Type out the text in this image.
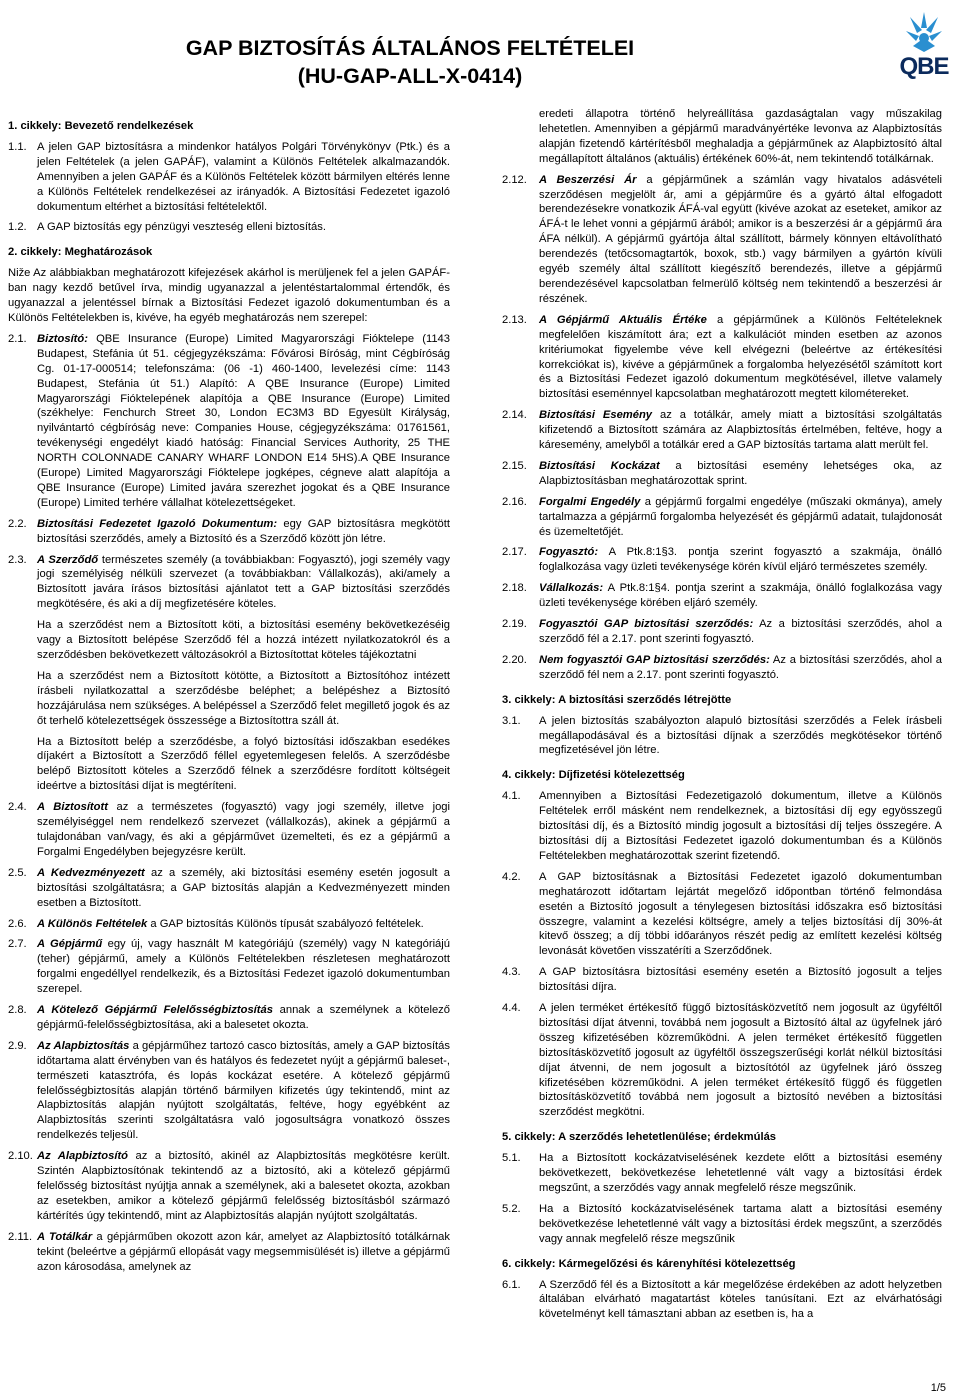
GAP BIZTOSÍTÁS ÁLTALÁNOS FELTÉTELEI
(HU-GAP-ALL-X-0414)	QBE
1. cikkely: Bevezető rendelkezések
1.1. A jelen GAP biztosításra a mindenkor hatályos Polgári Törvénykönyv (Ptk.) és a jelen Feltételek (a jelen GAPÁF), valamint a Különös Feltételek alkalmazandók. Amennyiben a jelen GAPÁF és a Különös Feltételek között bármilyen eltérés lenne a Különös Feltételek rendelkezései az irányadók. A Biztosítási Fedezetet igazoló dokumentum eltérhet a biztosítási feltételektől.
1.2. A GAP biztosítás egy pénzügyi veszteség elleni biztosítás.
2. cikkely: Meghatározások
Niže Az alábbiakban meghatározott kifejezések akárhol is merüljenek fel a jelen GAPÁF-ban nagy kezdő betűvel írva, mindig ugyanazzal a jelentéstartalommal értendők, és ugyanazzal a jelentéssel bírnak a Biztosítási Fedezet igazoló dokumentumban és a Különös Feltételekben is, kivéve, ha egyéb meghatározás nem szerepel:
2.1. Biztosító: QBE Insurance (Europe) Limited Magyarországi Fióktelepe (1143 Budapest, Stefánia út 51. cégjegyzékszáma: Fővárosi Bíróság, mint Cégbíróság Cg. 01-17-000514; telefonszáma: (06 -1) 460-1400, levelezési címe: 1143 Budapest, Stefánia út 51.) Alapító: A QBE Insurance (Europe) Limited Magyarországi Fióktelepének alapítója a QBE Insurance (Europe) Limited (székhelye: Fenchurch Street 30, London EC3M3 BD Egyesült Királyság, nyilvántartó cégbíróság neve: Companies House, cégjegyzékszáma: 01761561, tevékenységi engedélyt kiadó hatóság: Financial Services Authority, 25 THE NORTH COLONNADE CANARY WHARF LONDON E14 5HS).A QBE Insurance (Europe) Limited Magyarországi Fióktelepe jogképes, cégneve alatt alapítója a QBE Insurance (Europe) Limited javára szerezhet jogokat és a QBE Insurance (Europe) Limited terhére vállalhat kötelezettségeket.
2.2. Biztosítási Fedezetet Igazoló Dokumentum: egy GAP biztosításra megkötött biztosítási szerződés, amely a Biztosító és a Szerződő között jön létre.
2.3. A Szerződő természetes személy (a továbbiakban: Fogyasztó), jogi személy vagy jogi személyiség nélküli szervezet (a továbbiakban: Vállalkozás), aki/amely a Biztosított javára írásos biztosítási ajánlatot tett a GAP biztosítási szerződés megkötésére, és aki a díj megfizetésére köteles.
Ha a szerződést nem a Biztosított köti, a biztosítási esemény bekövetkezéséig vagy a Biztosított belépése Szerződő fél a hozzá intézett nyilatkozatokról és a szerződésben bekövetkezett változásokról a Biztosítottat köteles tájékoztatni
Ha a szerződést nem a Biztosított kötötte, a Biztosított a Biztosítóhoz intézett írásbeli nyilatkozattal a szerződésbe beléphet; a belépéshez a Biztosító hozzájárulása nem szükséges. A belépéssel a Szerződő felet megillető jogok és az őt terhelő kötelezettségek összessége a Biztosítottra száll át.
Ha a Biztosított belép a szerződésbe, a folyó biztosítási időszakban esedékes díjakért a Biztosított a Szerződő féllel egyetemlegesen felelős. A szerződésbe belépő Biztosított köteles a Szerződő félnek a szerződésre fordított költségeit ideértve a biztosítási díjat is megtéríteni.
2.4. A Biztosított az a természetes (fogyasztó) vagy jogi személy, illetve jogi személyiséggel nem rendelkező szervezet (vállalkozás), akinek a gépjármű a tulajdonában van/vagy, és aki a gépjárművet üzemelteti, és ez a gépjármű a Forgalmi Engedélyben bejegyzésre került.
2.5. A Kedvezményezett az a személy, aki biztosítási esemény esetén jogosult a biztosítási szolgáltatásra; a GAP biztosítás alapján a Kedvezményezett minden esetben a Biztosított.
2.6. A Különös Feltételek a GAP biztosítás Különös típusát szabályozó feltételek.
2.7. A Gépjármű egy új, vagy használt M kategóriájú (személy) vagy N kategóriájú (teher) gépjármű, amely a Különös Feltételekben részletesen meghatározott forgalmi engedéllyel rendelkezik, és a Biztosítási Fedezet igazoló dokumentumban szerepel.
2.8. A Kötelező Gépjármű Felelősségbiztosítás annak a személynek a kötelező gépjármű-felelősségbiztosítása, aki a balesetet okozta.
2.9. Az Alapbiztosítás a gépjárműhez tartozó casco biztosítás, amely a GAP biztosítás időtartama alatt érvényben van és hatályos és fedezetet nyújt a gépjármű baleset-, természeti katasztrófa, és lopás kockázat esetére. A kötelező gépjármű felelősségbiztosítás alapján történő bármilyen kifizetés úgy tekintendő, mint az Alapbiztosítás alapján nyújtott szolgáltatás, feltéve, hogy egyébként az Alapbiztosítás szerinti szolgáltatásra való jogosultságra vonatkozó összes rendelkezés teljesül.
2.10. Az Alapbiztosító az a biztosító, akinél az Alapbiztosítás megkötésre került. Szintén Alapbiztosítónak tekintendő az a biztosító, aki a kötelező gépjármű felelősség biztosítást nyújtja annak a személynek, aki a balesetet okozta, azokban az esetekben, amikor a kötelező gépjármű felelősség biztosításból származó kártérítés úgy tekintendő, mint az Alapbiztosítás alapján nyújtott szolgáltatás.
2.11. A Totálkár a gépjárműben okozott azon kár, amelyet az Alapbiztosító totálkárnak tekint (beleértve a gépjármű ellopását vagy megsemmisülését is) illetve a gépjármű azon károsodása, amelynek az
eredeti állapotra történő helyreállítása gazdaságtalan vagy műszakilag lehetetlen. Amennyiben a gépjármű maradványértéke levonva az Alapbiztosítás alapján fizetendő kártérítésből meghaladja a gépjárműnek az Alapbiztosító által megállapított általános (aktuális) értékének 60%-át, nem tekintendő totálkárnak.
2.12.	A Beszerzési Ár a gépjárműnek a számlán vagy hivatalos adásvételi szerződésen megjelölt ár, ami a gépjárműre és a gyártó által elfogadott berendezésekre vonatkozik ÁFÁ-val együtt (kivéve azokat az eseteket, amikor az ÁFÁ-t le lehet vonni a gépjármű árából; amikor is a beszerzési ár a gépjármű ára ÁFA nélkül). A gépjármű gyártója által szállított, bármely könnyen eltávolítható berendezés (tetőcsomagtartók, boxok, stb.) vagy bármilyen a gyártón kívüli egyéb személy által szállított kiegészítő berendezés, illetve a gépjármű berendezésével kapcsolatban felmerülő költség nem tekintendő a beszerzési ár részének.
2.13.	A Gépjármű Aktuális Értéke a gépjárműnek a Különös Feltételeknek megfelelően kiszámított ára; ezt a kalkulációt minden esetben az azonos kritériumokat figyelembe véve kell elvégezni (beleértve az értékesítési korrekciókat is), kivéve a gépjárműnek a forgalomba helyezésétől számított kort és a Biztosítási Fedezet igazoló dokumentum megkötésével, illetve valamely biztosítási eseménnyel kapcsolatban meghatározott megtett kilométereket.
2.14.	Biztosítási Esemény az a totálkár, amely miatt a biztosítási szolgáltatás kifizetendő a Biztosított számára az Alapbiztosítás értelmében, feltéve, hogy a káresemény, amelyből a totálkár ered a GAP biztosítás tartama alatt merült fel.
2.15.	Biztosítási Kockázat a biztosítási esemény lehetséges oka, az Alapbiztosításban meghatározottak sprint.
2.16.	Forgalmi Engedély a gépjármű forgalmi engedélye (műszaki okmánya), amely tartalmazza a gépjármű forgalomba helyezését és gépjármű adatait, tulajdonosát és üzemeltetőjét.
2.17.	Fogyasztó: A Ptk.8:1§3. pontja szerint fogyasztó a szakmája, önálló foglalkozása vagy üzleti tevékenysége körén kívül eljáró természetes személy.
2.18.	Vállalkozás: A Ptk.8:1§4. pontja szerint a szakmája, önálló foglalkozása vagy üzleti tevékenysége körében eljáró személy.
2.19.	Fogyasztói GAP biztosítási szerződés: Az a biztosítási szerződés, ahol a szerződő fél a 2.17. pont szerinti fogyasztó.
2.20.	Nem fogyasztói GAP biztosítási szerződés: Az a biztosítási szerződés, ahol a szerződő fél nem a 2.17. pont szerinti fogyasztó.
3. cikkely: A biztosítási szerződés létrejötte
3.1.	A jelen biztosítás szabályozton alapuló biztosítási szerződés a Felek írásbeli megállapodásával és a biztosítási díjnak a szerződés megkötésekor történő megfizetésével jön létre.
4. cikkely: Díjfizetési kötelezettség
4.1.	Amennyiben a Biztosítási Fedezetigazoló dokumentum, illetve a Különös Feltételek erről másként nem rendelkeznek, a biztosítási díj egy egyösszegű biztosítási díj, és a Biztosító mindig jogosult a biztosítási díj teljes összegére. A biztosítási díj a Biztosítási Fedezetet igazoló dokumentumban és a Különös Feltételekben meghatározottak szerint fizetendő.
4.2.	A GAP biztosításnak a Biztosítási Fedezetet igazoló dokumentumban meghatározott időtartam lejártát megelőző időpontban történő felmondása esetén a Biztosító jogosult a ténylegesen biztosítási időszakra eső biztosítási összegre, valamint a kezelési költségre, amely a teljes biztosítási díj 30%-át kitevő összeg; a díj többi időarányos részét pedig az említett kezelési költség levonását követően visszatéríti a Szerződőnek.
4.3.	A GAP biztosításra biztosítási esemény esetén a Biztosító jogosult a teljes biztosítási díjra.
4.4.	A jelen terméket értékesítő függő biztosításközvetítő nem jogosult az ügyféltől biztosítási díjat átvenni, továbbá nem jogosult a Biztosító által az ügyfelnek járó összeg kifizetésében közreműködni. A jelen terméket értékesítő független biztosításközvetítő jogosult az ügyféltől összegszerűségi korlát nélkül biztosítási díjat átvenni, de nem jogosult a biztosítótól az ügyfelnek járó összeg kifizetésében közreműködni. A jelen terméket értékesítő függő és független biztosításközvetítő továbbá nem jogosult a biztosító nevében a biztosítási szerződést megkötni.
5. cikkely: A szerződés lehetetlenülése; érdekmúlás
5.1.	Ha a Biztosított kockázatviselésének kezdete előtt a biztosítási esemény bekövetkezett, bekövetkezése lehetetlenné vált vagy a biztosítási érdek megszűnt, a szerződés vagy annak megfelelő része megszűnik.
5.2.	Ha a Biztosító kockázatviselésének tartama alatt a biztosítási esemény bekövetkezése lehetetlenné vált vagy a biztosítási érdek megszűnt, a szerződés vagy annak megfelelő része megszűnik
6. cikkely: Kármegelőzési és kárenyhítési kötelezettség
6.1.	A Szerződő fél és a Biztosított a kár megelőzése érdekében az adott helyzetben általában elvárható magatartást köteles tanúsítani. Ezt az elvárhatósági követelményt kell támasztani abban az esetben is, ha a
1/5
